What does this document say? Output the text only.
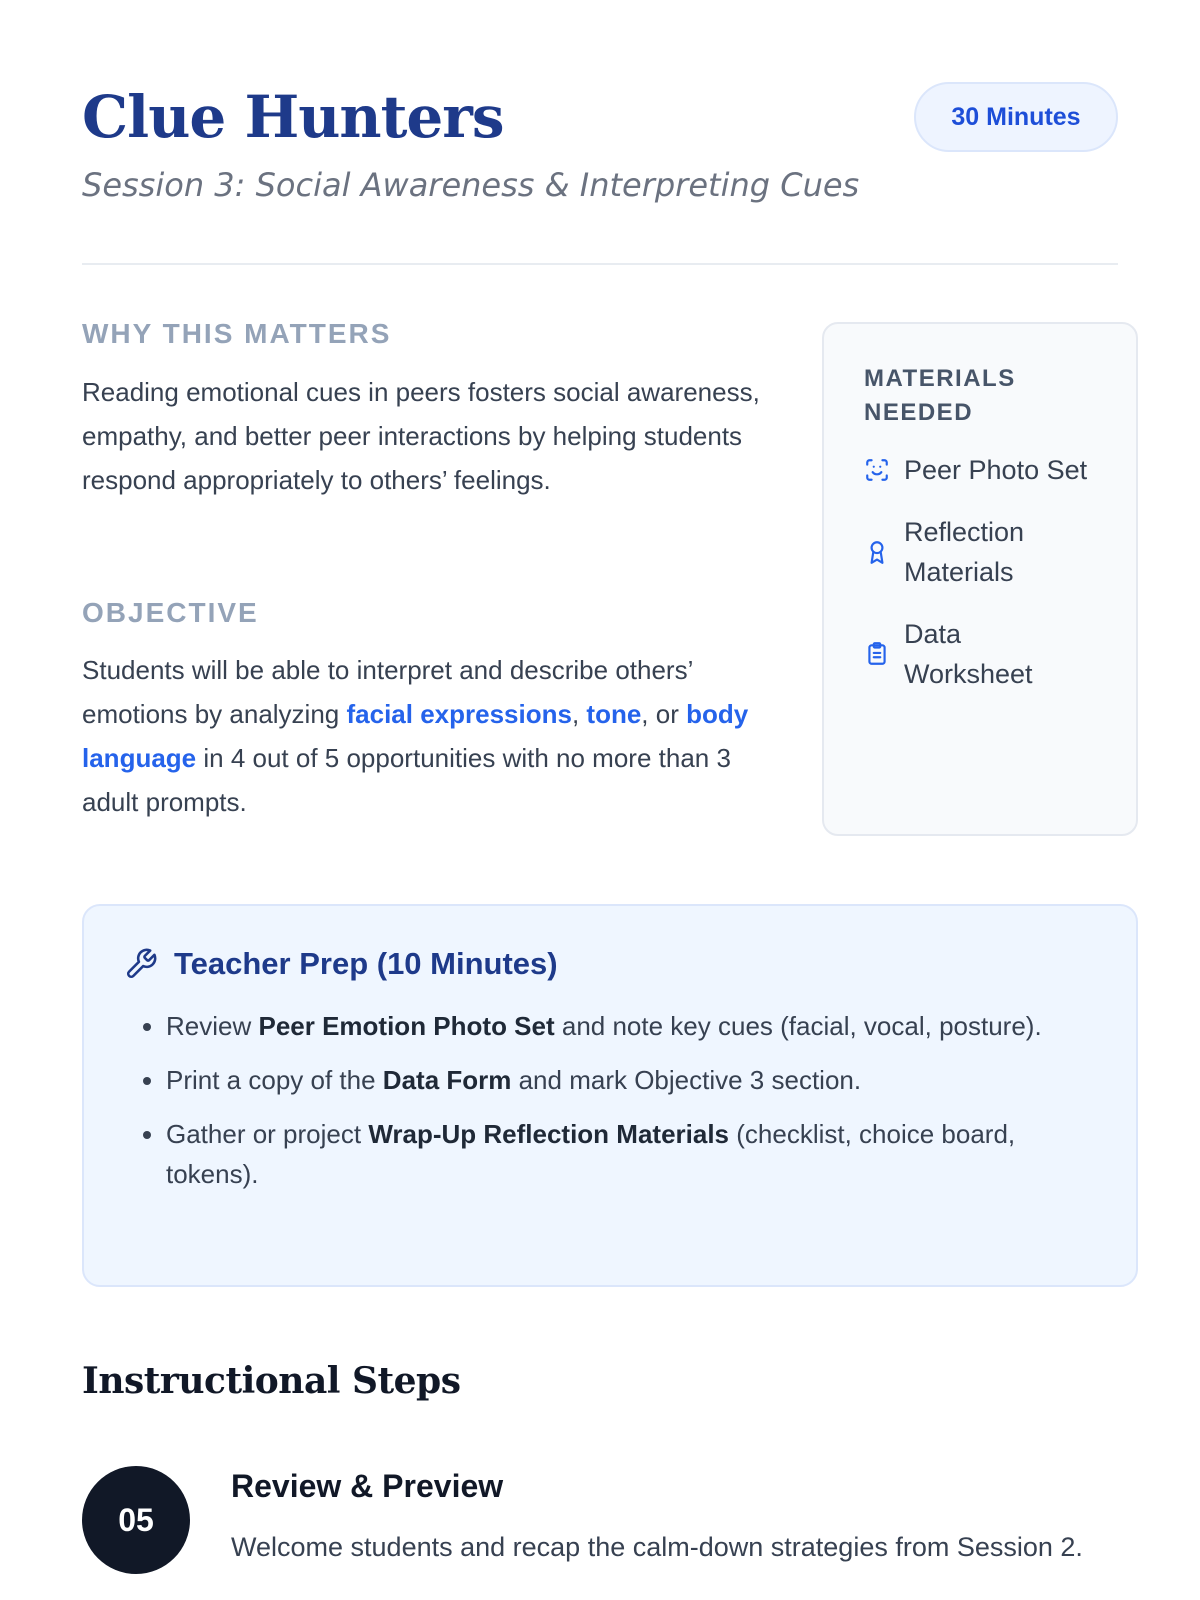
Clue Hunters
Session 3: Social Awareness & Interpreting Cues
30 Minutes
WHY THIS MATTERS
Reading emotional cues in peers fosters social awareness, empathy, and better peer interactions by helping students respond appropriately to others’ feelings.
OBJECTIVE
Students will be able to interpret and describe others’ emotions by analyzing facial expressions, tone, or body language in 4 out of 5 opportunities with no more than 3 adult prompts.
MATERIALS NEEDED
Peer Photo Set
Reflection Materials
Data Worksheet
Teacher Prep (10 Minutes)
• Review Peer Emotion Photo Set and note key cues (facial, vocal, posture).
• Print a copy of the Data Form and mark Objective 3 section.
• Gather or project Wrap-Up Reflection Materials (checklist, choice board, tokens).
Instructional Steps
05
Review & Preview
Welcome students and recap the calm-down strategies from Session 2.
